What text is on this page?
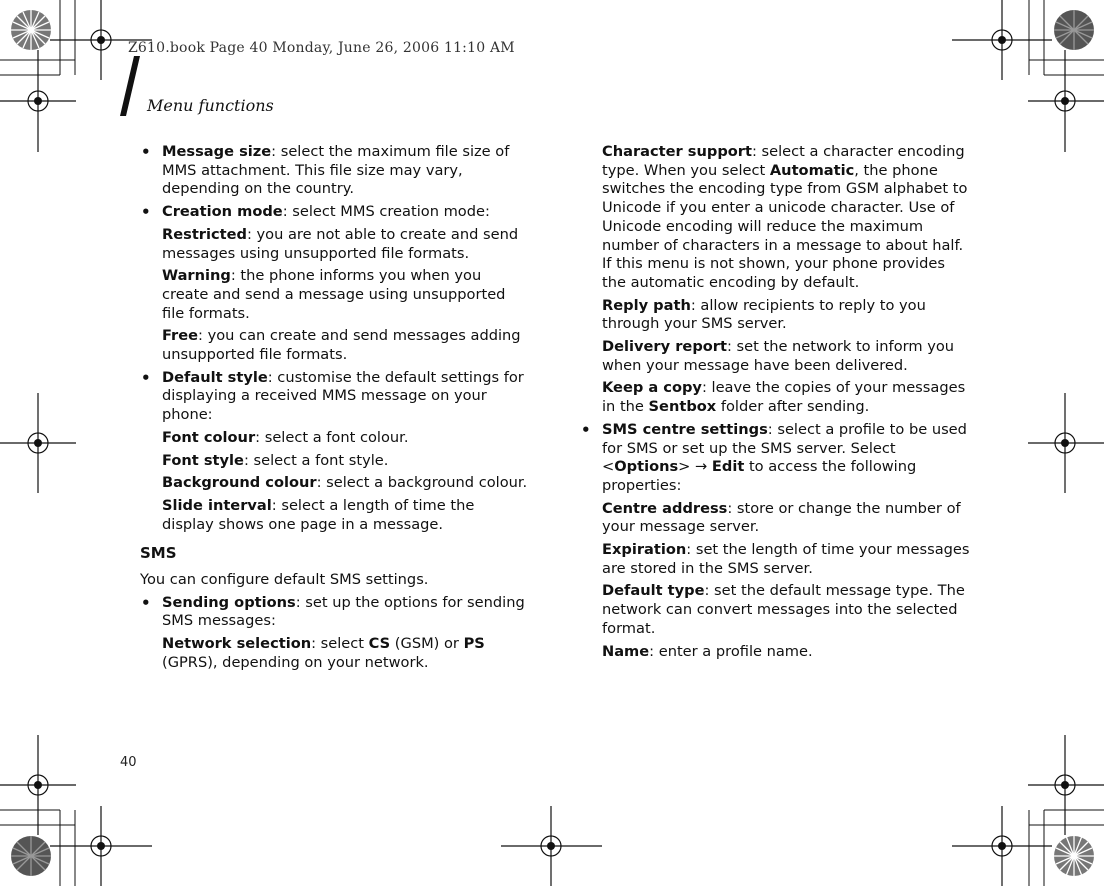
Z610.book Page 40 Monday, June 26, 2006 11:10 AM
Menu functions
• Message size: select the maximum file size of MMS attachment. This file size may vary, depending on the country.
• Creation mode: select MMS creation mode:
Restricted: you are not able to create and send messages using unsupported file formats.
Warning: the phone informs you when you create and send a message using unsupported file formats.
Free: you can create and send messages adding unsupported file formats.
• Default style: customise the default settings for displaying a received MMS message on your phone:
Font colour: select a font colour.
Font style: select a font style.
Background colour: select a background colour.
Slide interval: select a length of time the display shows one page in a message.
SMS
You can configure default SMS settings.
• Sending options: set up the options for sending SMS messages:
Network selection: select CS (GSM) or PS (GPRS), depending on your network.
Character support: select a character encoding type. When you select Automatic, the phone switches the encoding type from GSM alphabet to Unicode if you enter a unicode character. Use of Unicode encoding will reduce the maximum number of characters in a message to about half. If this menu is not shown, your phone provides the automatic encoding by default.
Reply path: allow recipients to reply to you through your SMS server.
Delivery report: set the network to inform you when your message have been delivered.
Keep a copy: leave the copies of your messages in the Sentbox folder after sending.
• SMS centre settings: select a profile to be used for SMS or set up the SMS server. Select <Options> → Edit to access the following properties:
Centre address: store or change the number of your message server.
Expiration: set the length of time your messages are stored in the SMS server.
Default type: set the default message type. The network can convert messages into the selected format.
Name: enter a profile name.
40
